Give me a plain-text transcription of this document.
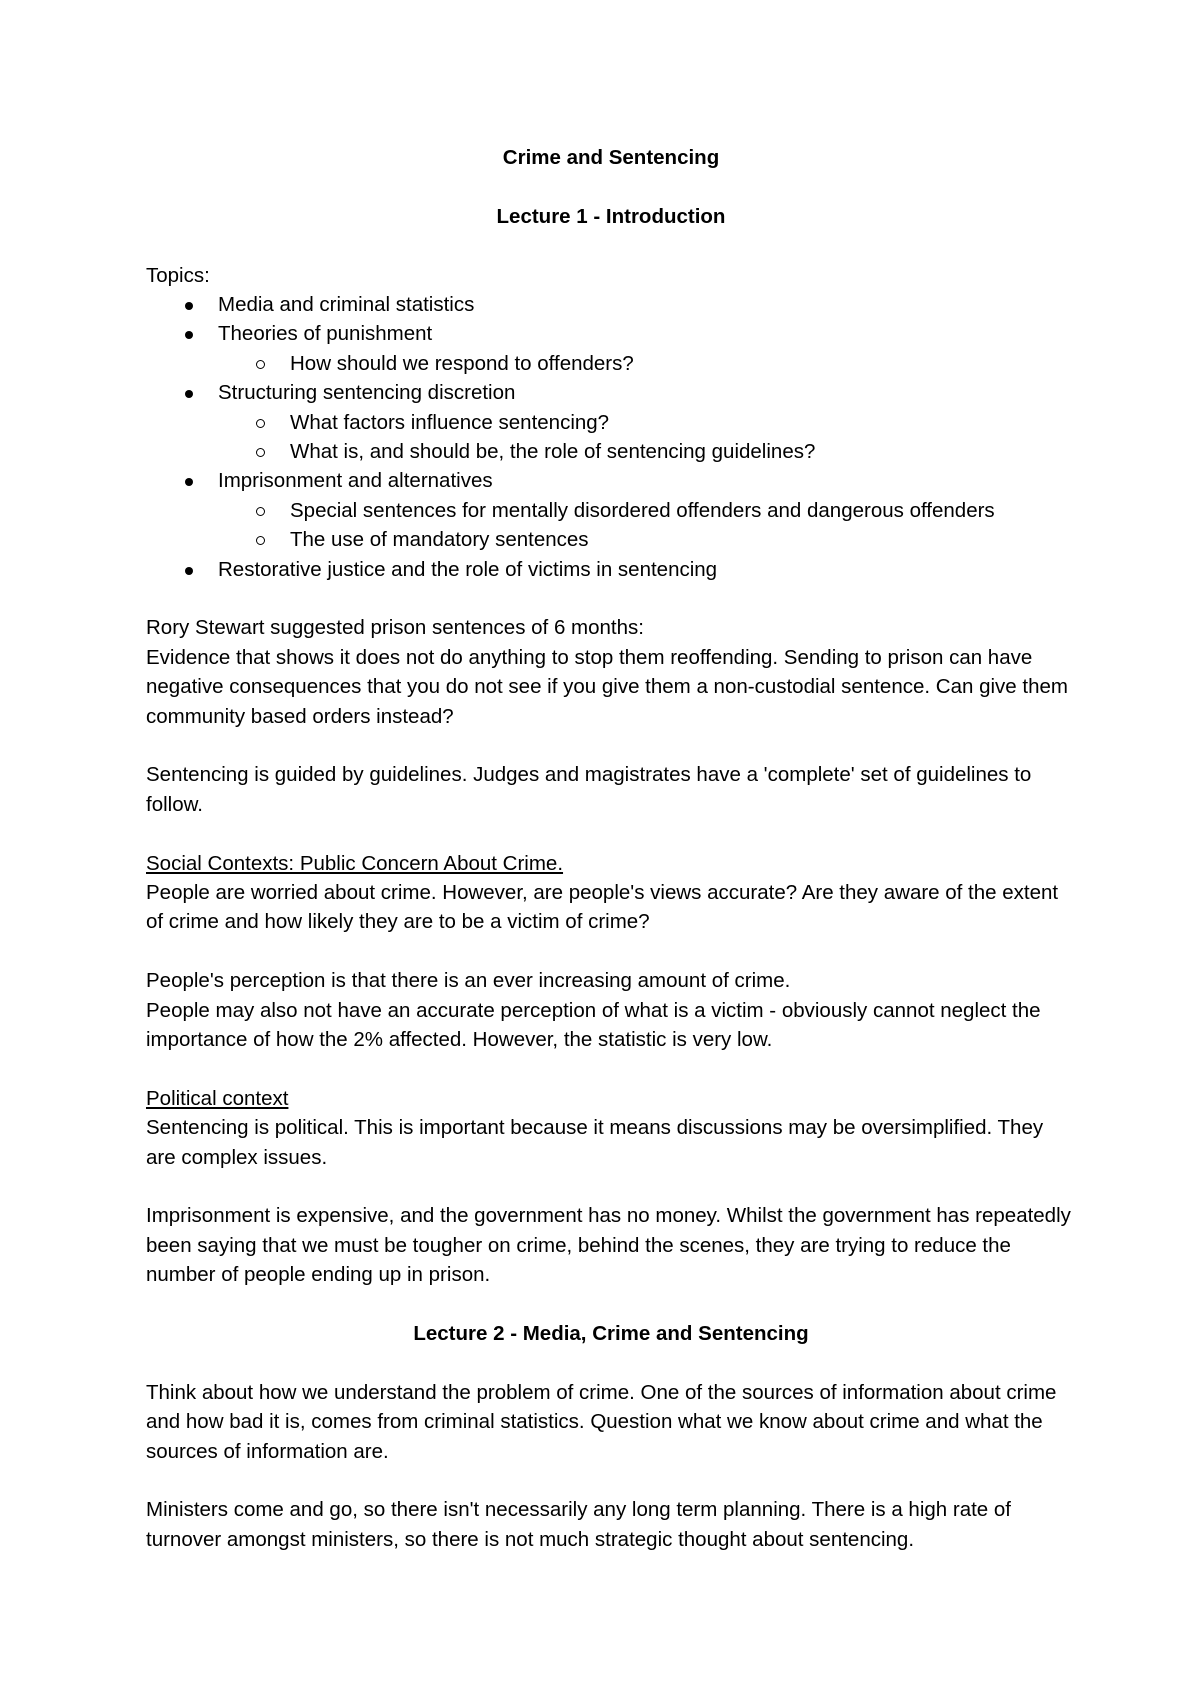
Crime and Sentencing

Lecture 1 - Introduction

Topics:

Media and criminal statistics
Theories of punishment
How should we respond to offenders?
Structuring sentencing discretion
What factors influence sentencing?
What is, and should be, the role of sentencing guidelines?
Imprisonment and alternatives
Special sentences for mentally disordered offenders and dangerous offenders
The use of mandatory sentences
Restorative justice and the role of victims in sentencing

Rory Stewart suggested prison sentences of 6 months:

Evidence that shows it does not do anything to stop them reoffending. Sending to prison can have negative consequences that you do not see if you give them a non-custodial sentence. Can give them community based orders instead?

Sentencing is guided by guidelines. Judges and magistrates have a 'complete' set of guidelines to follow.

Social Contexts: Public Concern About Crime.

People are worried about crime. However, are people's views accurate? Are they aware of the extent of crime and how likely they are to be a victim of crime?

People's perception is that there is an ever increasing amount of crime.

People may also not have an accurate perception of what is a victim - obviously cannot neglect the importance of how the 2% affected. However, the statistic is very low.

Political context

Sentencing is political. This is important because it means discussions may be oversimplified. They are complex issues.

Imprisonment is expensive, and the government has no money. Whilst the government has repeatedly been saying that we must be tougher on crime, behind the scenes, they are trying to reduce the number of people ending up in prison.

Lecture 2 - Media, Crime and Sentencing

Think about how we understand the problem of crime. One of the sources of information about crime and how bad it is, comes from criminal statistics. Question what we know about crime and what the sources of information are.

Ministers come and go, so there isn't necessarily any long term planning. There is a high rate of turnover amongst ministers, so there is not much strategic thought about sentencing.
